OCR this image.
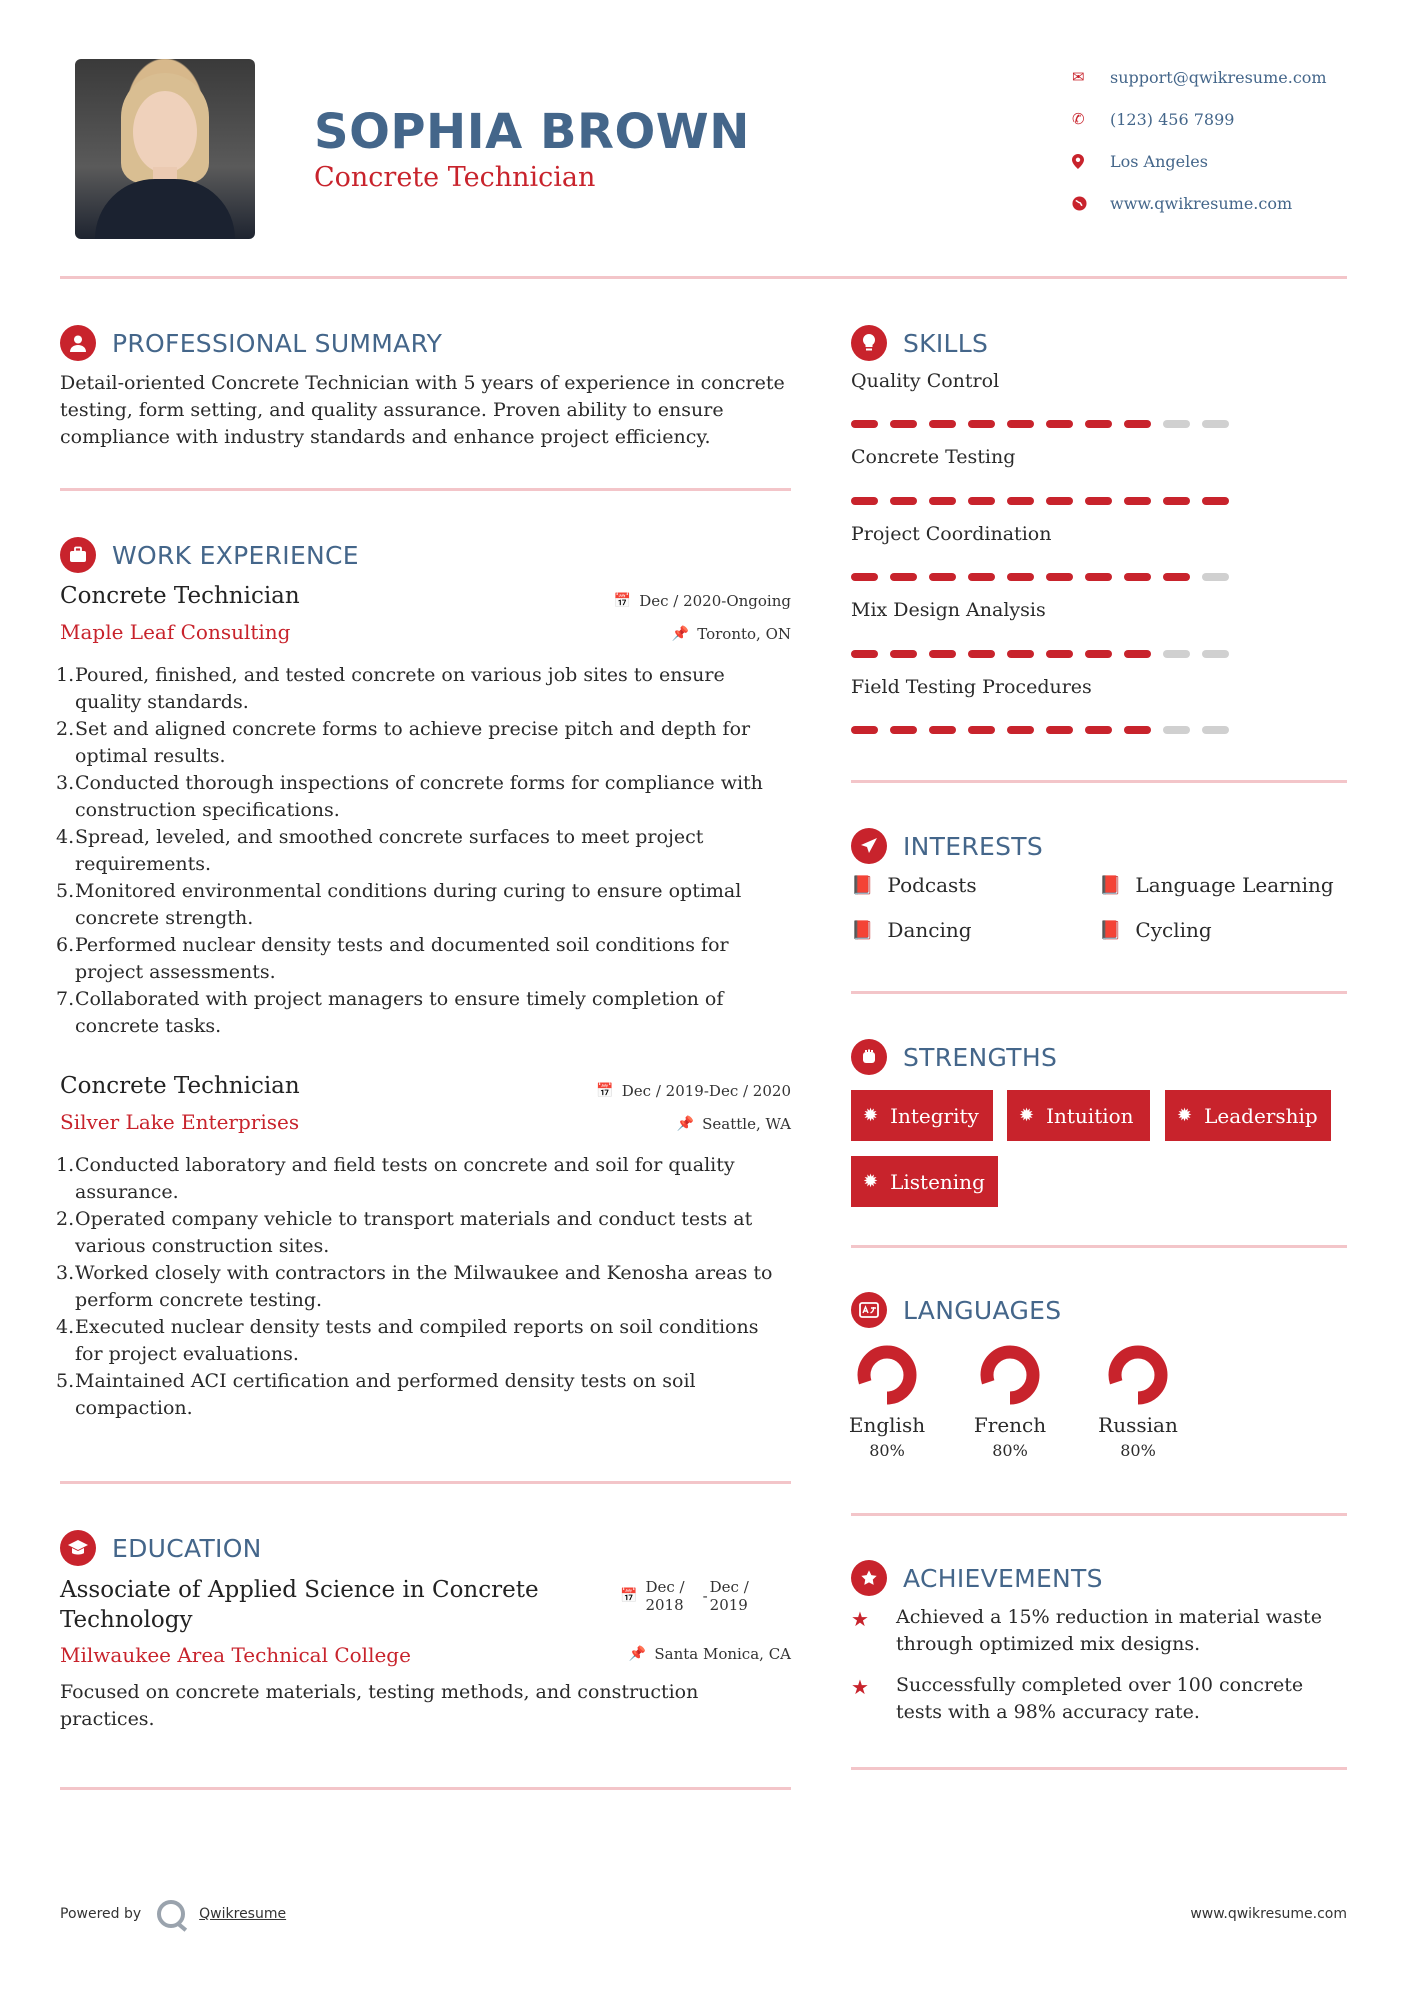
SOPHIA BROWN
Concrete Technician
✉	support@qwikresume.com
✆	(123) 456 7899
Los Angeles
www.qwikresume.com
PROFESSIONAL SUMMARY
Detail-oriented Concrete Technician with 5 years of experience in concrete
testing, form setting, and quality assurance. Proven ability to ensure
compliance with industry standards and enhance project efficiency.
WORK EXPERIENCE
Concrete Technician
Maple Leaf Consulting
📅 Dec / 2020-Ongoing
📌 Toronto, ON
1. Poured, finished, and tested concrete on various job sites to ensure
quality standards.
2. Set and aligned concrete forms to achieve precise pitch and depth for
optimal results.
3. Conducted thorough inspections of concrete forms for compliance with
construction specifications.
4. Spread, leveled, and smoothed concrete surfaces to meet project
requirements.
5. Monitored environmental conditions during curing to ensure optimal
concrete strength.
6. Performed nuclear density tests and documented soil conditions for
project assessments.
7. Collaborated with project managers to ensure timely completion of
concrete tasks.
Concrete Technician
Silver Lake Enterprises
📅 Dec / 2019-Dec / 2020
📌 Seattle, WA
1. Conducted laboratory and field tests on concrete and soil for quality
assurance.
2. Operated company vehicle to transport materials and conduct tests at
various construction sites.
3. Worked closely with contractors in the Milwaukee and Kenosha areas to
perform concrete testing.
4. Executed nuclear density tests and compiled reports on soil conditions
for project evaluations.
5. Maintained ACI certification and performed density tests on soil
compaction.
EDUCATION
Associate of Applied Science in Concrete
Technology
Milwaukee Area Technical College
📅 Dec /
2018 - Dec /
2019
📌 Santa Monica, CA
Focused on concrete materials, testing methods, and construction
practices.
SKILLS
Quality Control
Concrete Testing
Project Coordination
Mix Design Analysis
Field Testing Procedures
INTERESTS
📕 Podcasts	📕 Language Learning
📕 Dancing	📕 Cycling
STRENGTHS
✹ Integrity ✹ Intuition ✹ Leadership
✹ Listening
LANGUAGES
English
80%
French
80%
Russian
80%
ACHIEVEMENTS
★	Achieved a 15% reduction in material waste
through optimized mix designs.
★	Successfully completed over 100 concrete
tests with a 98% accuracy rate.
Powered by	Qwikresume	www.qwikresume.com
